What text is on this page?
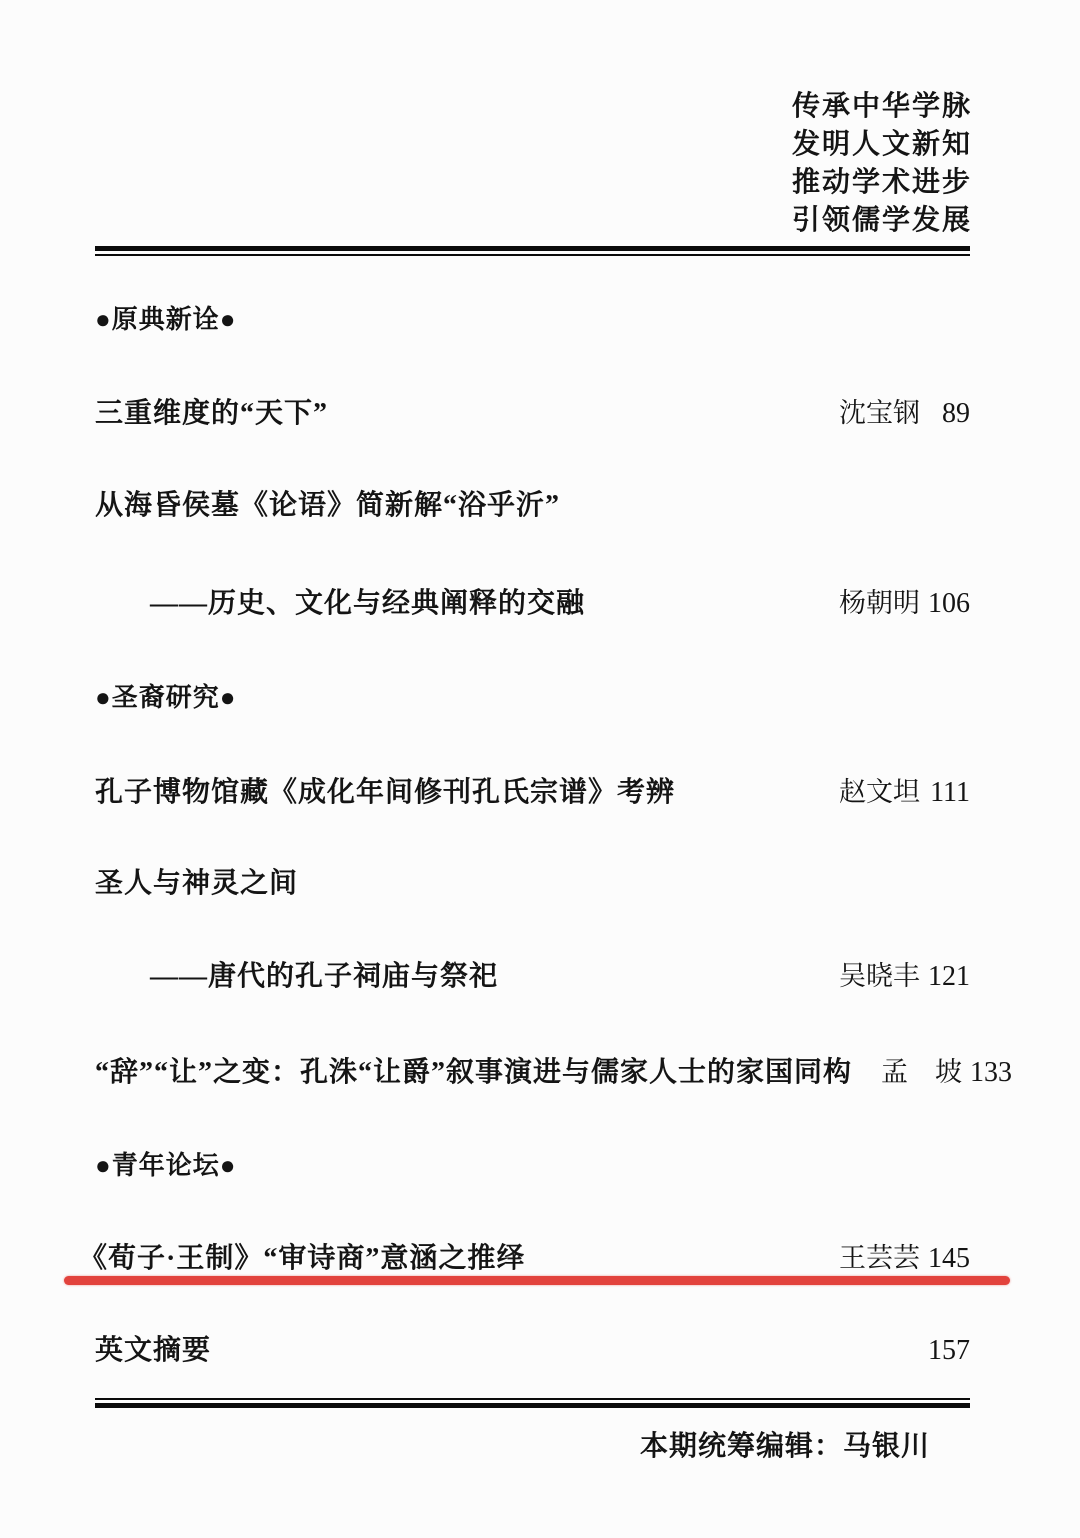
传承中华学脉
发明人文新知
推动学术进步
引领儒学发展
●原典新诠●
三重维度的“天下”	沈宝钢 89
从海昏侯墓《论语》简新解“浴乎沂”
——历史、文化与经典阐释的交融	杨朝明 106
●圣裔研究●
孔子博物馆藏《成化年间修刊孔氏宗谱》考辨	赵文坦 111
圣人与神灵之间
——唐代的孔子祠庙与祭祀	吴晓丰 121
“辞”“让”之变：孔洙“让爵”叙事演进与儒家人士的家国同构	孟　坡 133
●青年论坛●
《荀子·王制》“审诗商”意涵之推绎	王芸芸 145
英文摘要	157
本期统筹编辑：马银川
